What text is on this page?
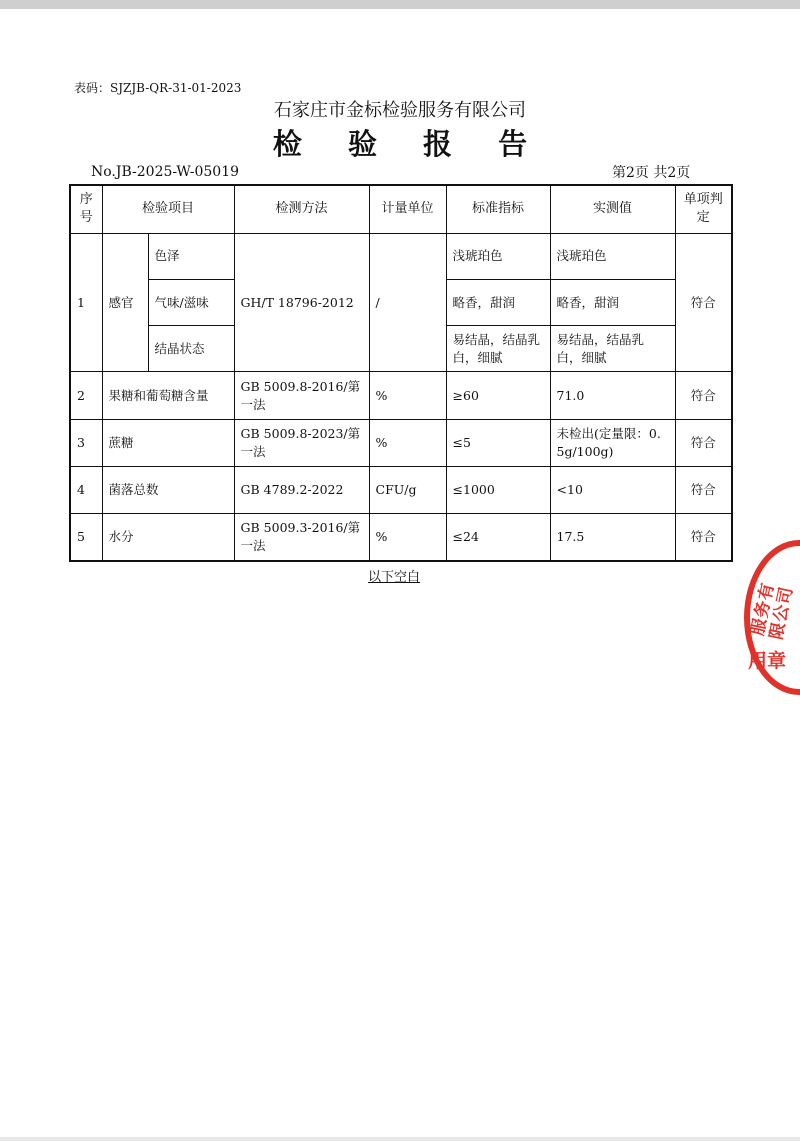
表码：SJZJB-QR-31-01-2023
石家庄市金标检验服务有限公司
检 验 报 告
No.JB-2025-W-05019	第2页 共2页
序号	检验项目		检测方法	计量单位	标准指标	实测值	单项判定
1	感官	色泽	GH/T 18796-2012	/	浅琥珀色	浅琥珀色	符合
		气味/滋味			略香，甜润	略香，甜润	
		结晶状态			易结晶，结晶乳白，细腻	易结晶，结晶乳白，细腻	
2	果糖和葡萄糖含量		GB 5009.8-2016/第一法	%	≥60	71.0	符合
3	蔗糖		GB 5009.8-2023/第一法	%	≤5	未检出(定量限：0.5g/100g)	符合
4	菌落总数		GB 4789.2-2022	CFU/g	≤1000	<10	符合
5	水分		GB 5009.3-2016/第一法	%	≤24	17.5	符合
以下空白
服务有限公司
用章
